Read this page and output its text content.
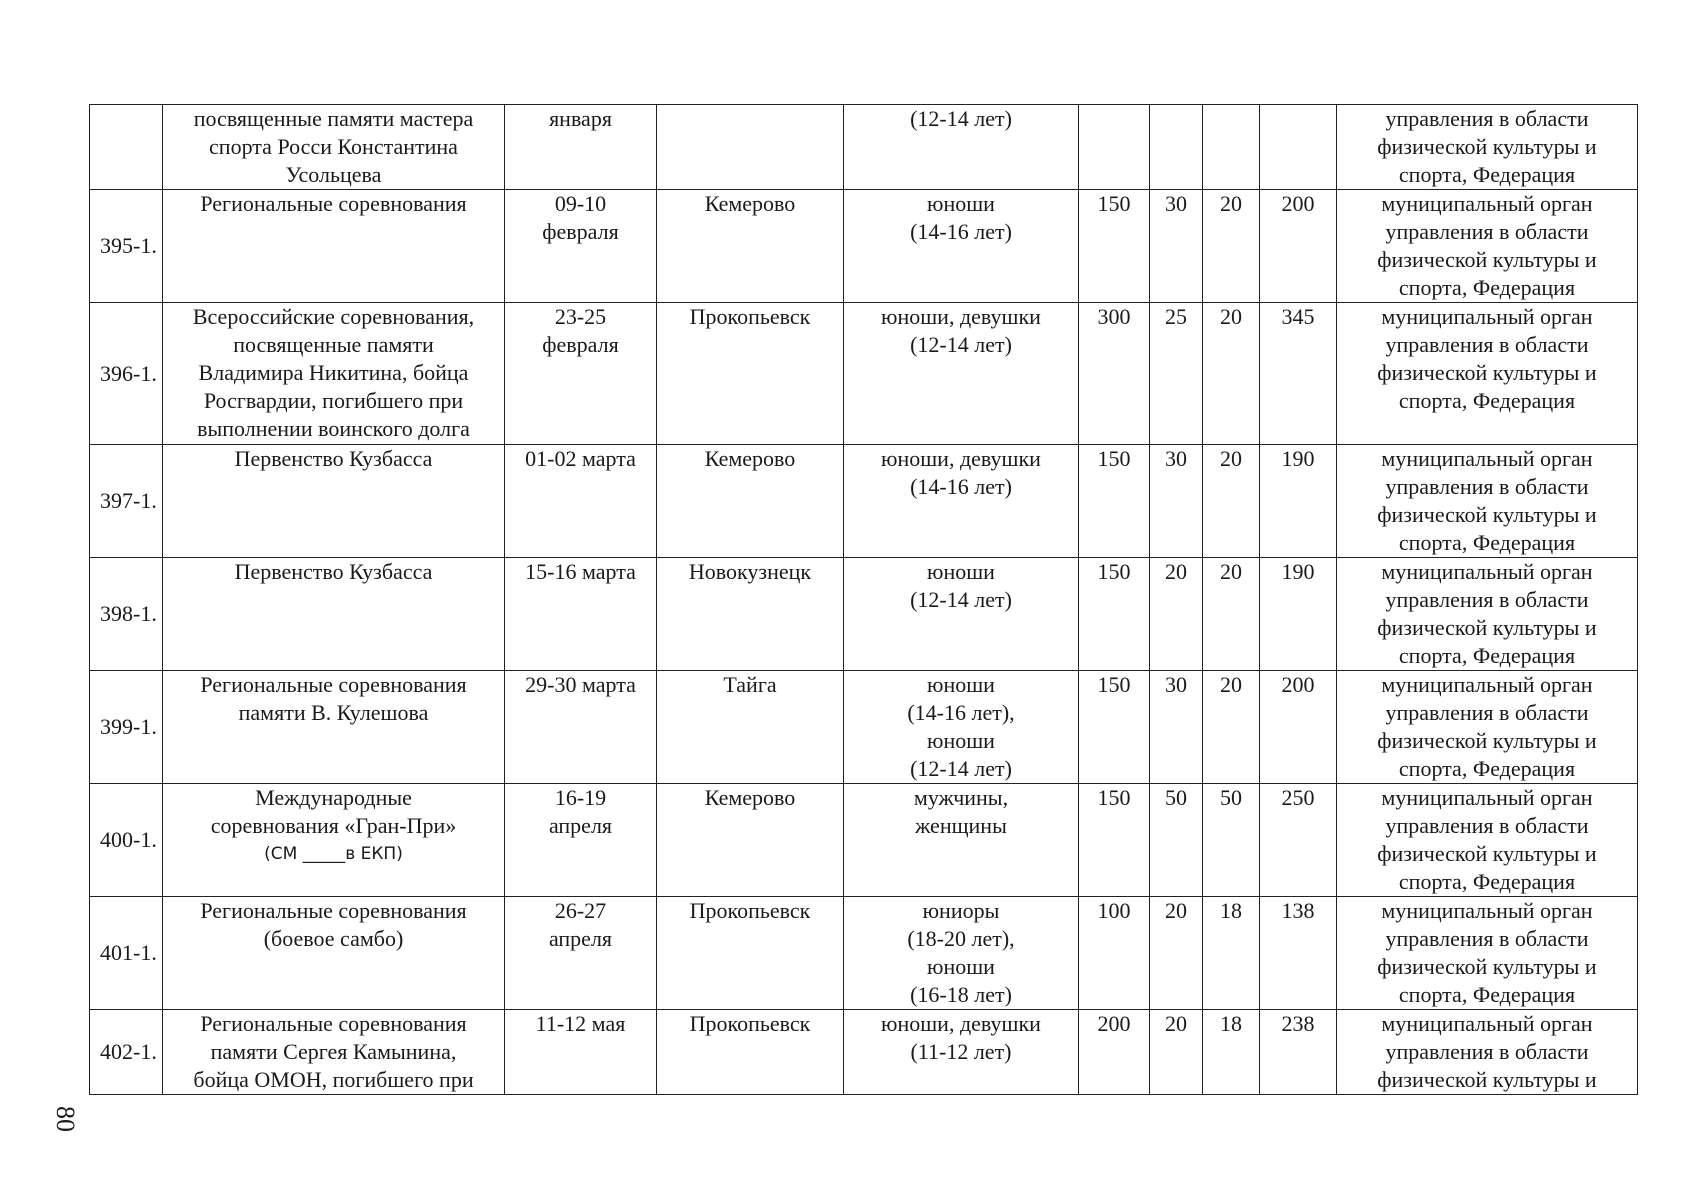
	посвященные памяти мастера
спорта Росси Константина
Усольцева	января		(12-14 лет)					управления в области
физической культуры и
спорта, Федерация
395-1.	Региональные соревнования	09-10
февраля	Кемерово	юноши
(14-16 лет)	150	30	20	200	муниципальный орган
управления в области
физической культуры и
спорта, Федерация
396-1.	Всероссийские соревнования,
посвященные памяти
Владимира Никитина, бойца
Росгвардии, погибшего при
выполнении воинского долга	23-25
февраля	Прокопьевск	юноши, девушки
(12-14 лет)	300	25	20	345	муниципальный орган
управления в области
физической культуры и
спорта, Федерация
397-1.	Первенство Кузбасса	01-02 марта	Кемерово	юноши, девушки
(14-16 лет)	150	30	20	190	муниципальный орган
управления в области
физической культуры и
спорта, Федерация
398-1.	Первенство Кузбасса	15-16 марта	Новокузнецк	юноши
(12-14 лет)	150	20	20	190	муниципальный орган
управления в области
физической культуры и
спорта, Федерация
399-1.	Региональные соревнования
памяти В. Кулешова	29-30 марта	Тайга	юноши
(14-16 лет),
юноши
(12-14 лет)	150	30	20	200	муниципальный орган
управления в области
физической культуры и
спорта, Федерация
400-1.	Международные
соревнования «Гран-При»
(СМ _____в ЕКП)	16-19
апреля	Кемерово	мужчины,
женщины	150	50	50	250	муниципальный орган
управления в области
физической культуры и
спорта, Федерация
401-1.	Региональные соревнования
(боевое самбо)	26-27
апреля	Прокопьевск	юниоры
(18-20 лет),
юноши
(16-18 лет)	100	20	18	138	муниципальный орган
управления в области
физической культуры и
спорта, Федерация
402-1.	Региональные соревнования
памяти Сергея Камынина,
бойца ОМОН, погибшего при	11-12 мая	Прокопьевск	юноши, девушки
(11-12 лет)	200	20	18	238	муниципальный орган
управления в области
физической культуры и
80
